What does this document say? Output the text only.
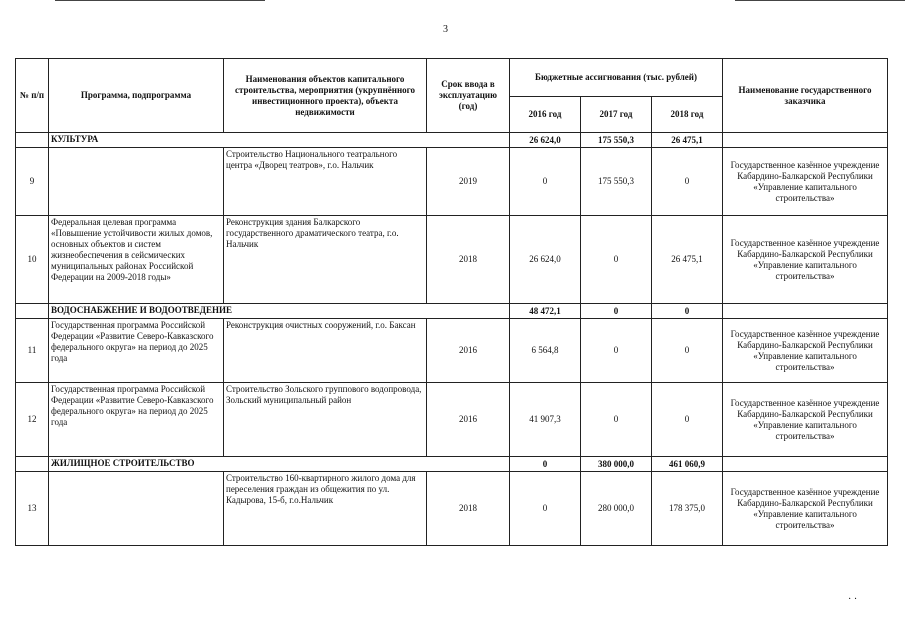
3
№ п/п	Программа, подпрограмма	Наименования объектов капитального строительства, мероприятия (укрупнённого инвестиционного проекта), объекта недвижимости	Срок ввода в эксплуатацию (год)	Бюджетные ассигнования (тыс. рублей)			Наименование государственного заказчика
				2016 год	2017 год	2018 год	
	КУЛЬТУРА			26 624,0	175 550,3	26 475,1	
9		Строительство Национального театрального центра «Дворец театров», г.о. Нальчик	2019	0	175 550,3	0	Государственное казённое учреждение Кабардино-Балкарской Республики «Управление капитального строительства»
10	Федеральная целевая программа «Повышение устойчивости жилых домов, основных объектов и систем жизнеобеспечения в сейсмических муниципальных районах Российской Федерации на 2009-2018 годы»	Реконструкция здания Балкарского государственного драматического театра, г.о. Нальчик	2018	26 624,0	0	26 475,1	Государственное казённое учреждение Кабардино-Балкарской Республики «Управление капитального строительства»
	ВОДОСНАБЖЕНИЕ И ВОДООТВЕДЕНИЕ			48 472,1	0	0	
11	Государственная программа Российской Федерации «Развитие Северо-Кавказского федерального округа» на период до 2025 года	Реконструкция очистных сооружений, г.о. Баксан	2016	6 564,8	0	0	Государственное казённое учреждение Кабардино-Балкарской Республики «Управление капитального строительства»
12	Государственная программа Российской Федерации «Развитие Северо-Кавказского федерального округа» на период до 2025 года	Строительство Зольского группового водопровода, Зольский муниципальный район	2016	41 907,3	0	0	Государственное казённое учреждение Кабардино-Балкарской Республики «Управление капитального строительства»
	ЖИЛИЩНОЕ СТРОИТЕЛЬСТВО			0	380 000,0	461 060,9	
13		Строительство 160-квартирного жилого дома для переселения граждан из общежития по ул. Кадырова, 15-б, г.о.Нальчик	2018	0	280 000,0	178 375,0	Государственное казённое учреждение Кабардино-Балкарской Республики «Управление капитального строительства»
· ·
